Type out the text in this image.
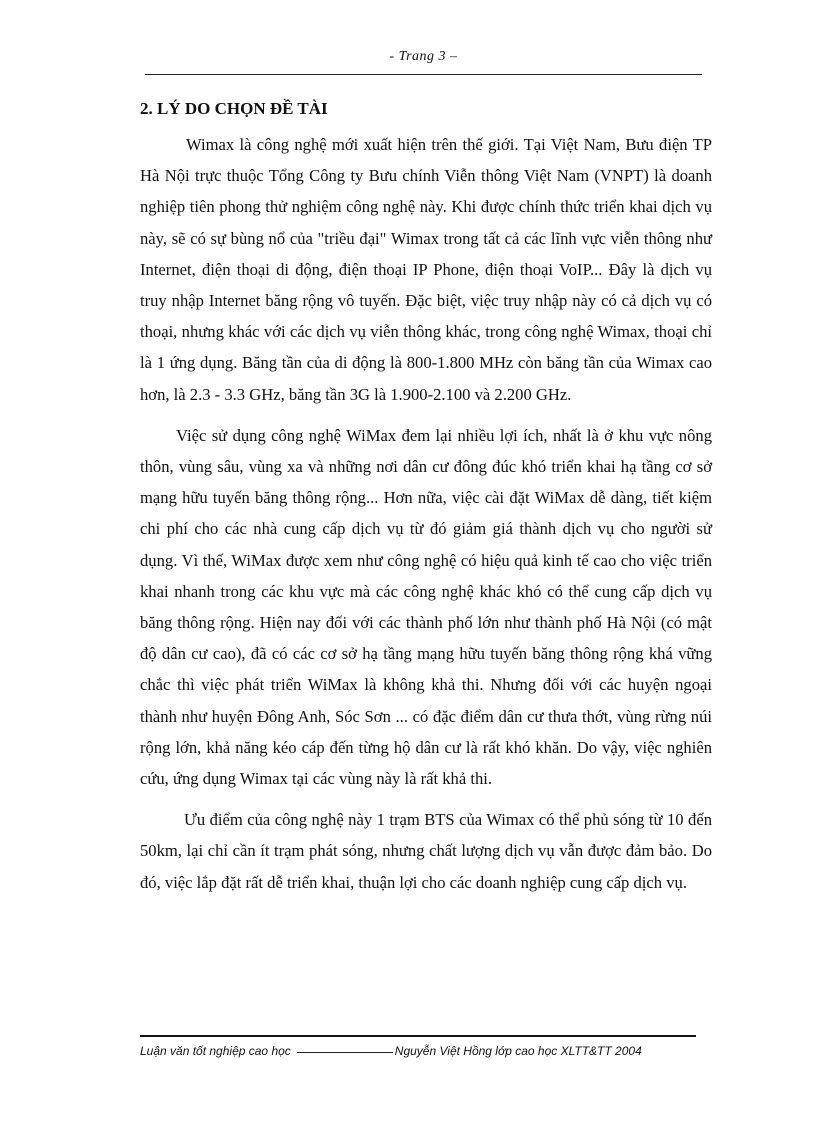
- Trang 3 –
2. LÝ DO CHỌN ĐỀ TÀI

Wimax là công nghệ mới xuất hiện trên thế giới. Tại Việt Nam, Bưu điện TP Hà Nội trực thuộc Tổng Công ty Bưu chính Viễn thông Việt Nam (VNPT) là doanh nghiệp tiên phong thử nghiệm công nghệ này. Khi được chính thức triển khai dịch vụ này, sẽ có sự bùng nổ của "triều đại" Wimax trong tất cả các lĩnh vực viễn thông như Internet, điện thoại di động, điện thoại IP Phone, điện thoại VoIP... Đây là dịch vụ truy nhập Internet băng rộng vô tuyến. Đặc biệt, việc truy nhập này có cả dịch vụ có thoại, nhưng khác với các dịch vụ viễn thông khác, trong công nghệ Wimax, thoại chỉ là 1 ứng dụng. Băng tần của di động là 800-1.800 MHz còn băng tần của Wimax cao hơn, là 2.3 - 3.3 GHz, băng tần 3G là 1.900-2.100 và 2.200 GHz.

Việc sử dụng công nghệ WiMax đem lại nhiều lợi ích, nhất là ở khu vực nông thôn, vùng sâu, vùng xa và những nơi dân cư đông đúc khó triển khai hạ tầng cơ sở mạng hữu tuyến băng thông rộng... Hơn nữa, việc cài đặt WiMax dễ dàng, tiết kiệm chi phí cho các nhà cung cấp dịch vụ từ đó giảm giá thành dịch vụ cho người sử dụng. Vì thế, WiMax được xem như công nghệ có hiệu quả kinh tế cao cho việc triển khai nhanh trong các khu vực mà các công nghệ khác khó có thể cung cấp dịch vụ băng thông rộng. Hiện nay đối với các thành phố lớn như thành phố Hà Nội (có mật độ dân cư cao), đã có các cơ sở hạ tầng mạng hữu tuyến băng thông rộng khá vững chắc thì việc phát triển WiMax là không khả thi. Nhưng đối với các huyện ngoại thành như huyện Đông Anh, Sóc Sơn ... có đặc điểm dân cư thưa thớt, vùng rừng núi rộng lớn, khả năng kéo cáp đến từng hộ dân cư là rất khó khăn. Do vậy, việc nghiên cứu, ứng dụng Wimax tại các vùng này là rất khả thi.

Ưu điểm của công nghệ này 1 trạm BTS của Wimax có thể phủ sóng từ 10 đến 50km, lại chỉ cần ít trạm phát sóng, nhưng chất lượng dịch vụ vẫn được đảm bảo. Do đó, việc lắp đặt rất dễ triển khai, thuận lợi cho các doanh nghiệp cung cấp dịch vụ.

Luận văn tốt nghiệp cao học	Nguyễn Việt Hồng lớp cao học XLTT&TT 2004
